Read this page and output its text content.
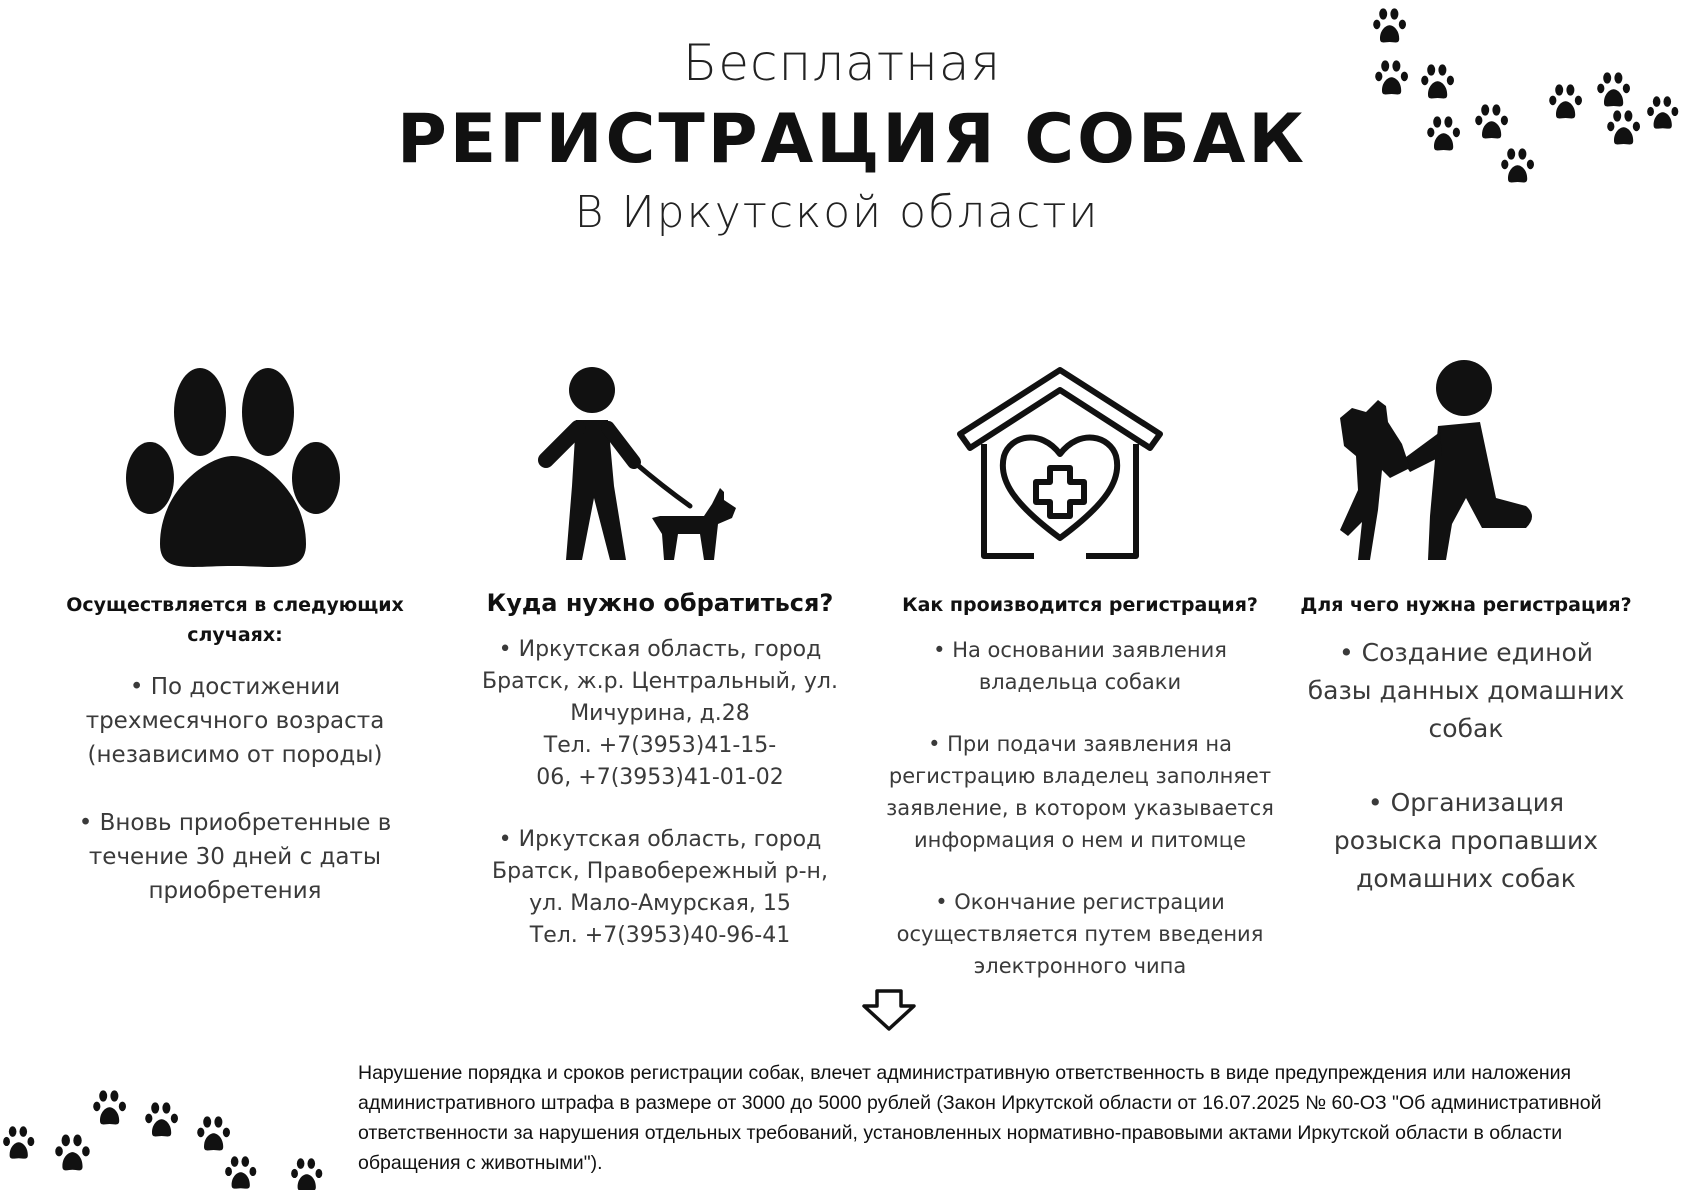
Бесплатная
РЕГИСТРАЦИЯ СОБАК
В Иркутской области
Осуществляется в следующих случаях:

• По достижении трехмесячного возраста (независимо от породы)

• Вновь приобретенные в течение 30 дней с даты приобретения

Куда нужно обратиться?

• Иркутская область, город Братск, ж.р. Центральный, ул. Мичурина, д.28

Тел. +7(3953)41-15-06, +7(3953)41-01-02

• Иркутская область, город Братск, Правобережный р-н, ул. Мало-Амурская, 15

Тел. +7(3953)40-96-41

Как производится регистрация?

• На основании заявления владельца собаки

• При подачи заявления на регистрацию владелец заполняет заявление, в котором указывается информация о нем и питомце

• Окончание регистрации осуществляется путем введения электронного чипа

Для чего нужна регистрация?

• Создание единой базы данных домашних собак

• Организация розыска пропавших домашних собак

Нарушение порядка и сроков регистрации собак, влечет административную ответственность в виде предупреждения или наложения административного штрафа в размере от 3000 до 5000 рублей (Закон Иркутской области от 16.07.2025 № 60-ОЗ "Об административной ответственности за нарушения отдельных требований, установленных нормативно-правовыми актами Иркутской области в области обращения с животными").
